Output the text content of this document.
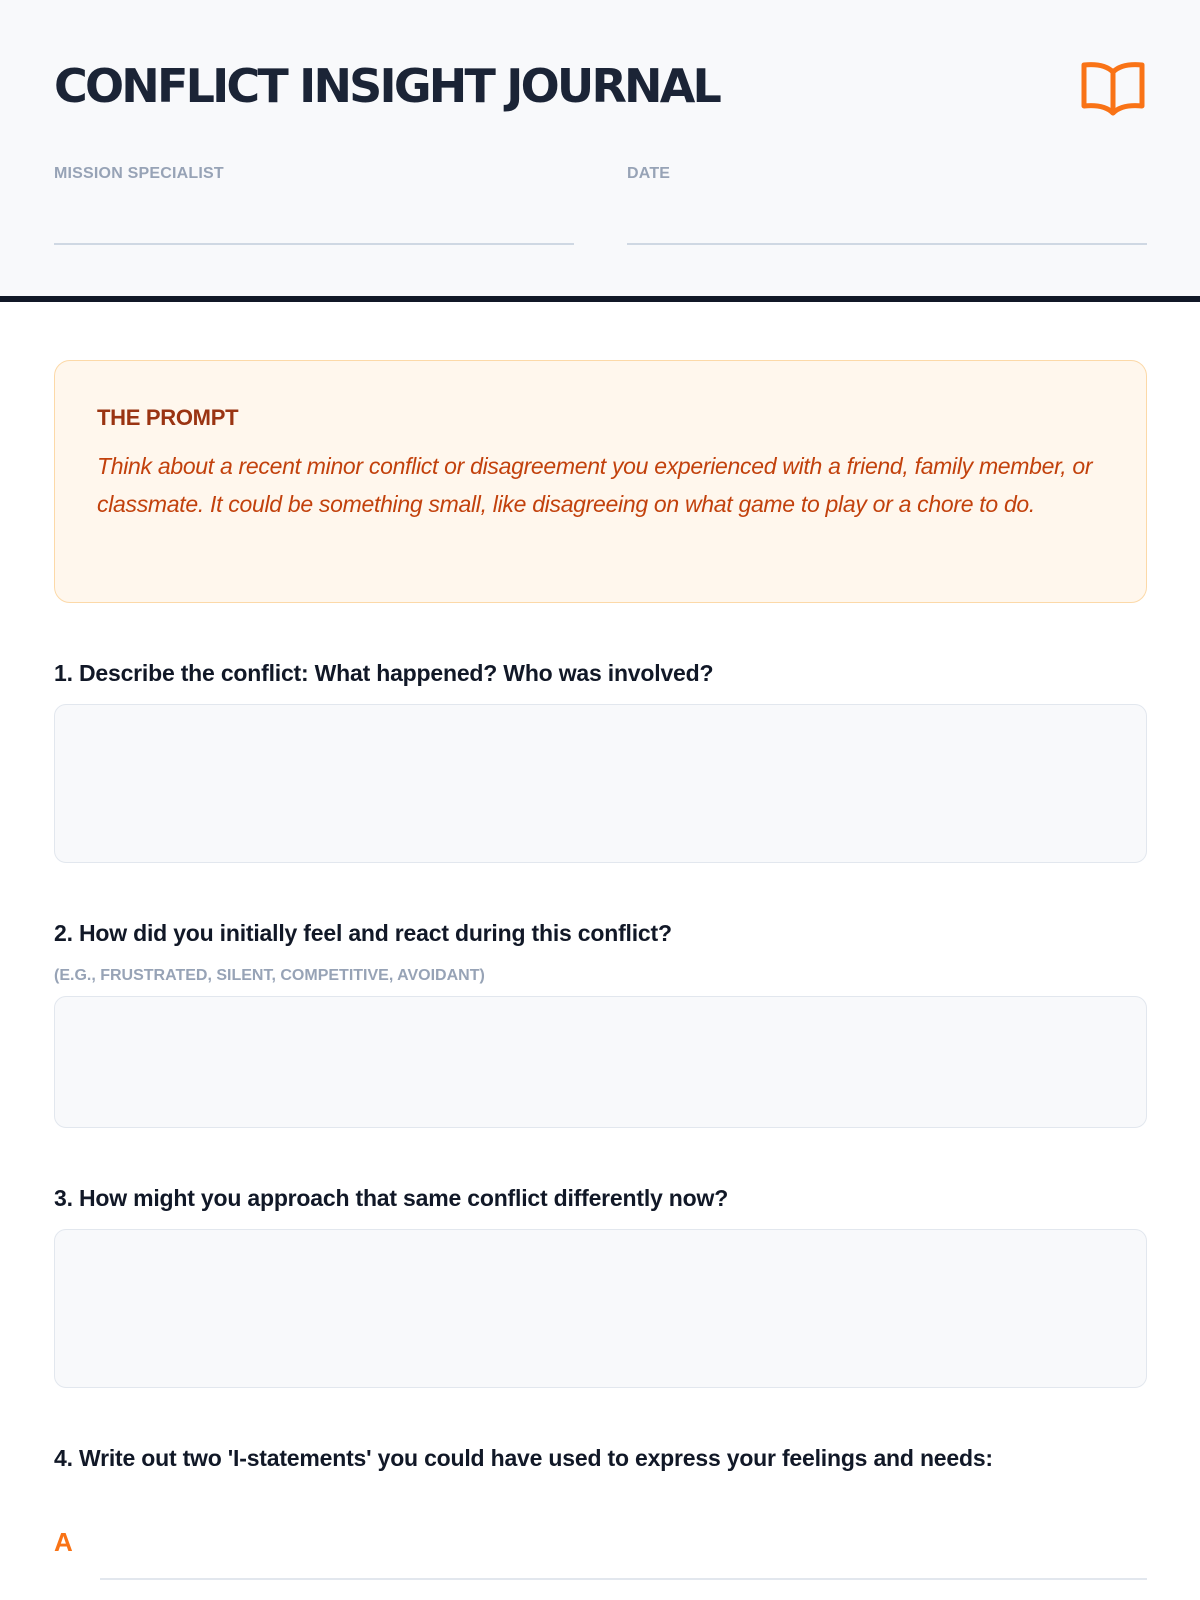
CONFLICT INSIGHT JOURNAL
MISSION SPECIALIST	DATE
THE PROMPT
Think about a recent minor conflict or disagreement you experienced with a friend, family member, or classmate. It could be something small, like disagreeing on what game to play or a chore to do.
1. Describe the conflict: What happened? Who was involved?
2. How did you initially feel and react during this conflict?
(E.G., FRUSTRATED, SILENT, COMPETITIVE, AVOIDANT)
3. How might you approach that same conflict differently now?
4. Write out two 'I-statements' you could have used to express your feelings and needs:
A
